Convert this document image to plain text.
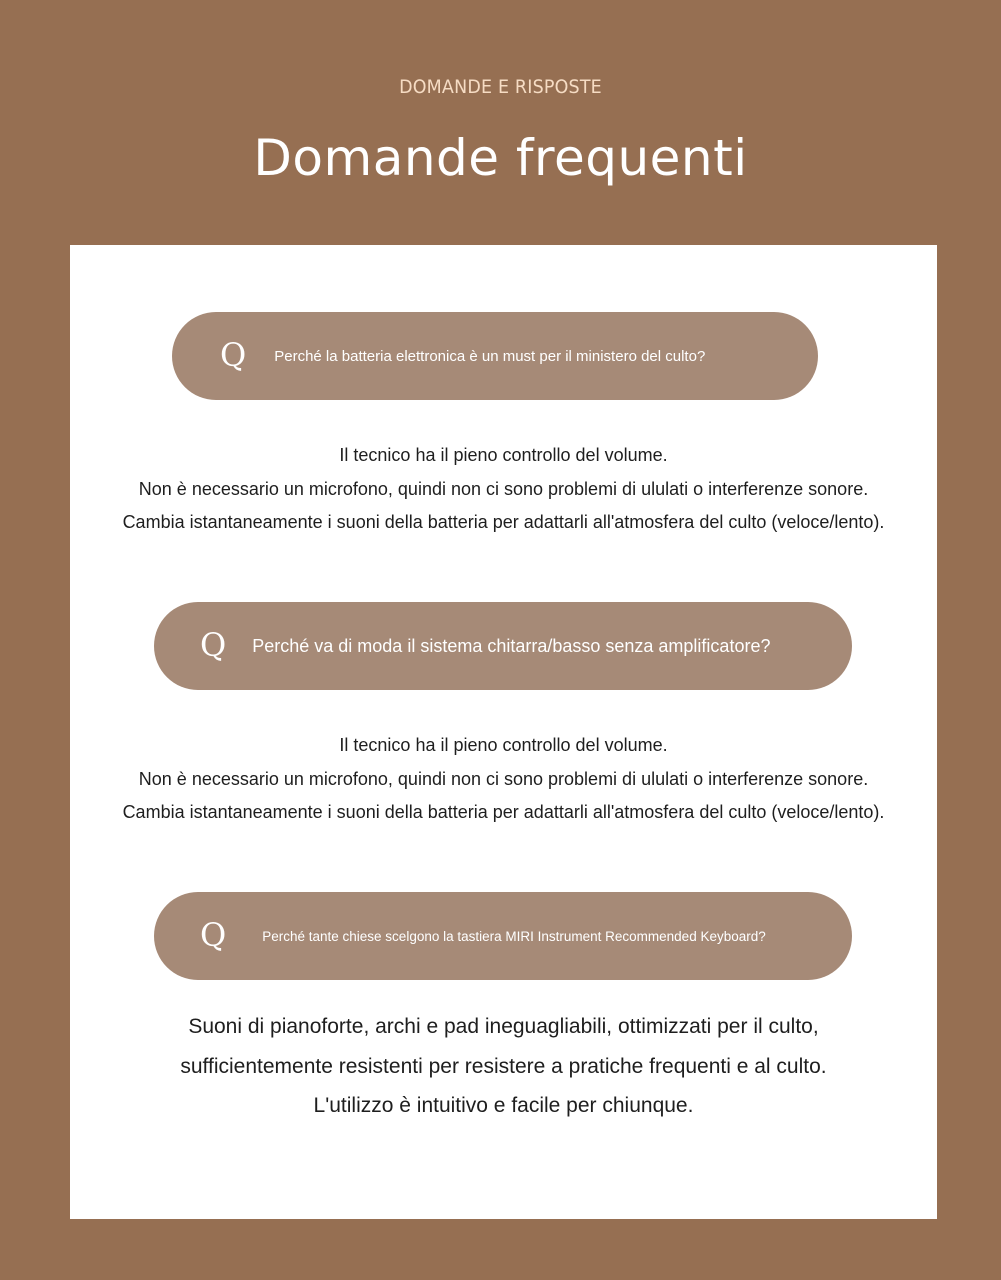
DOMANDE E RISPOSTE
Domande frequenti
Q Perché la batteria elettronica è un must per il ministero del culto?

Il tecnico ha il pieno controllo del volume.

Non è necessario un microfono, quindi non ci sono problemi di ululati o interferenze sonore.

Cambia istantaneamente i suoni della batteria per adattarli all'atmosfera del culto (veloce/lento).

Q Perché va di moda il sistema chitarra/basso senza amplificatore?

Il tecnico ha il pieno controllo del volume.

Non è necessario un microfono, quindi non ci sono problemi di ululati o interferenze sonore.

Cambia istantaneamente i suoni della batteria per adattarli all'atmosfera del culto (veloce/lento).

Q	Perché tante chiese scelgono la tastiera MIRI Instrument Recommended Keyboard?

Suoni di pianoforte, archi e pad ineguagliabili, ottimizzati per il culto,

sufficientemente resistenti per resistere a pratiche frequenti e al culto.

L'utilizzo è intuitivo e facile per chiunque.
